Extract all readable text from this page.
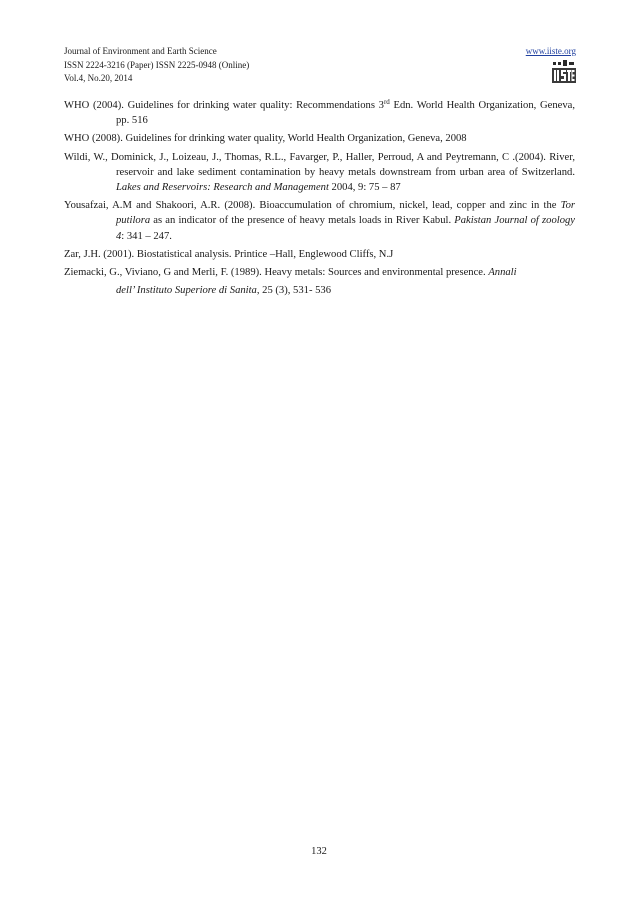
Journal of Environment and Earth Science
ISSN 2224-3216 (Paper) ISSN 2225-0948 (Online)
Vol.4, No.20, 2014
www.iiste.org

WHO (2004). Guidelines for drinking water quality: Recommendations 3rd Edn. World Health Organization, Geneva, pp. 516

WHO (2008). Guidelines for drinking water quality, World Health Organization, Geneva, 2008

Wildi, W., Dominick, J., Loizeau, J., Thomas, R.L., Favarger, P., Haller, Perroud, A and Peytremann, C .(2004). River, reservoir and lake sediment contamination by heavy metals downstream from urban area of Switzerland. Lakes and Reservoirs: Research and Management 2004, 9: 75 – 87

Yousafzai, A.M and Shakoori, A.R. (2008). Bioaccumulation of chromium, nickel, lead, copper and zinc in the Tor putilora as an indicator of the presence of heavy metals loads in River Kabul. Pakistan Journal of zoology 4: 341 – 247.

Zar, J.H. (2001). Biostatistical analysis. Printice –Hall, Englewood Cliffs, N.J

Ziemacki, G., Viviano, G and Merli, F. (1989). Heavy metals: Sources and environmental presence. Annali

dell’ Instituto Superiore di Sanita, 25 (3), 531- 536

132
